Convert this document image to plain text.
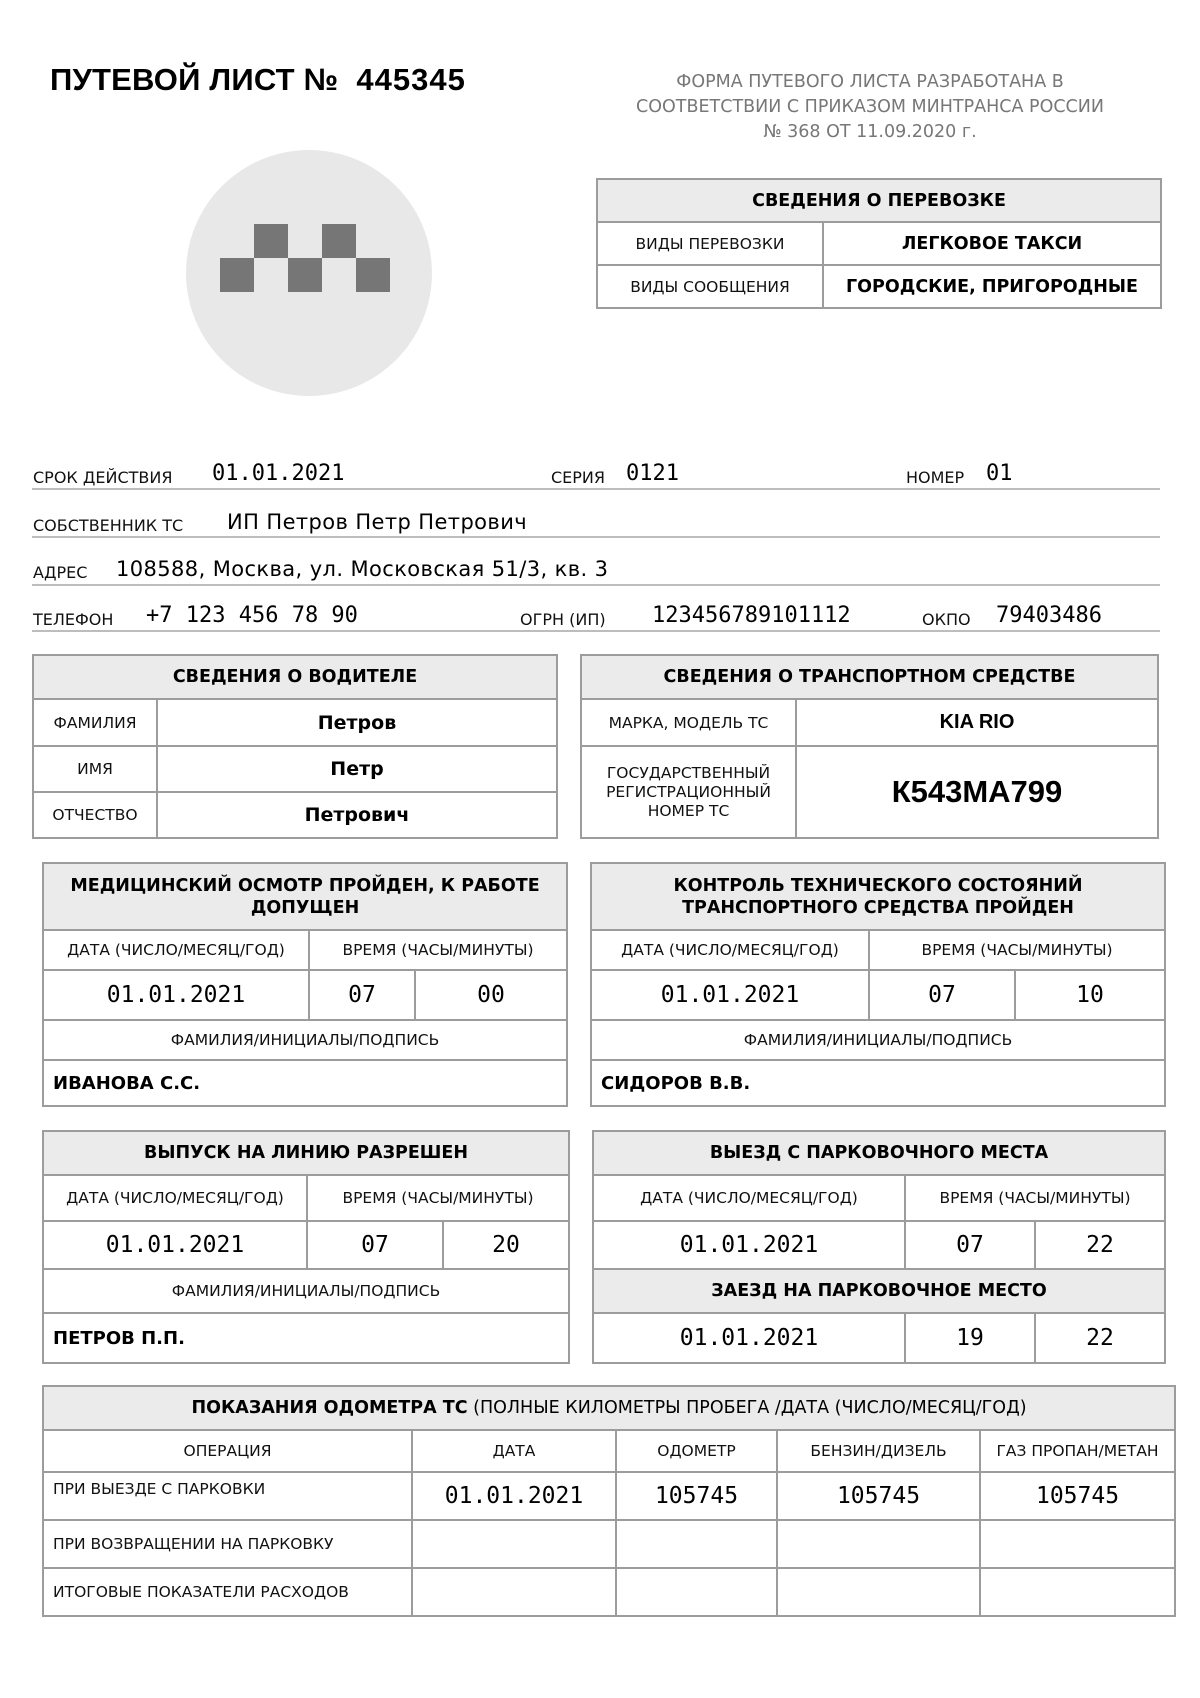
ПУТЕВОЙ ЛИСТ № 445345	ФОРМА ПУТЕВОГО ЛИСТА РАЗРАБОТАНА В
СООТВЕТСТВИИ С ПРИКАЗОМ МИНТРАНСА РОССИИ
№ 368 ОТ 11.09.2020 г.
СВЕДЕНИЯ О ПЕРЕВОЗКЕ	
ВИДЫ ПЕРЕВОЗКИ	ЛЕГКОВОЕ ТАКСИ
ВИДЫ СООБЩЕНИЯ	ГОРОДСКИЕ, ПРИГОРОДНЫЕ
СРОК ДЕЙСТВИЯ 01.01.2021	СЕРИЯ 0121	НОМЕР 01
СОБСТВЕННИК ТС ИП Петров Петр Петрович
АДРЕС 108588, Москва, ул. Московская 51/3, кв. 3
ТЕЛЕФОН +7 123 456 78 90	ОГРН (ИП) 123456789101112	ОКПО 79403486
СВЕДЕНИЯ О ВОДИТЕЛЕ	
ФАМИЛИЯ	Петров
ИМЯ	Петр
ОТЧЕСТВО	Петрович
СВЕДЕНИЯ О ТРАНСПОРТНОМ СРЕДСТВЕ	
МАРКА, МОДЕЛЬ ТС	KIA RIO

ГОСУДАРСТВЕННЫЙ
РЕГИСТРАЦИОННЫЙ
НОМЕР ТС	К543МА799
МЕДИЦИНСКИЙ ОСМОТР ПРОЙДЕН, К РАБОТЕ
ДОПУЩЕН		

ДАТА (ЧИСЛО/МЕСЯЦ/ГОД)	ВРЕМЯ (ЧАСЫ/МИНУТЫ)	
01.01.2021	07	00
ФАМИЛИЯ/ИНИЦИАЛЫ/ПОДПИСЬ		
ИВАНОВА С.С.		
КОНТРОЛЬ ТЕХНИЧЕСКОГО СОСТОЯНИЙ
ТРАНСПОРТНОГО СРЕДСТВА ПРОЙДЕН		

ДАТА (ЧИСЛО/МЕСЯЦ/ГОД)	ВРЕМЯ (ЧАСЫ/МИНУТЫ)	
01.01.2021	07	10
ФАМИЛИЯ/ИНИЦИАЛЫ/ПОДПИСЬ		
СИДОРОВ В.В.		
ВЫПУСК НА ЛИНИЮ РАЗРЕШЕН		
ДАТА (ЧИСЛО/МЕСЯЦ/ГОД)	ВРЕМЯ (ЧАСЫ/МИНУТЫ)	
01.01.2021	07	20
ФАМИЛИЯ/ИНИЦИАЛЫ/ПОДПИСЬ		
ПЕТРОВ П.П.		
ВЫЕЗД С ПАРКОВОЧНОГО МЕСТА		
ДАТА (ЧИСЛО/МЕСЯЦ/ГОД)	ВРЕМЯ (ЧАСЫ/МИНУТЫ)	
01.01.2021	07	22
ЗАЕЗД НА ПАРКОВОЧНОЕ МЕСТО		
01.01.2021	19	22
ПОКАЗАНИЯ ОДОМЕТРА ТС (ПОЛНЫЕ КИЛОМЕТРЫ ПРОБЕГА /ДАТА (ЧИСЛО/МЕСЯЦ/ГОД)				
ОПЕРАЦИЯ	ДАТА	ОДОМЕТР	БЕНЗИН/ДИЗЕЛЬ	ГАЗ ПРОПАН/МЕТАН
ПРИ ВЫЕЗДЕ С ПАРКОВКИ	01.01.2021	105745	105745	105745
ПРИ ВОЗВРАЩЕНИИ НА ПАРКОВКУ				
ИТОГОВЫЕ ПОКАЗАТЕЛИ РАСХОДОВ				
